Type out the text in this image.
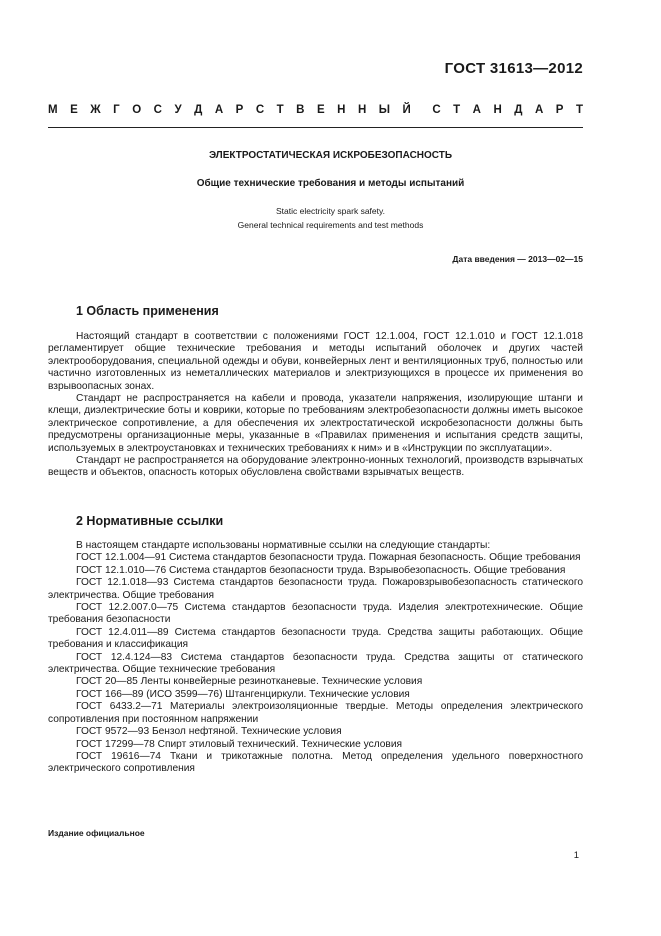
ГОСТ 31613—2012
М Е Ж Г О С У Д А Р С Т В Е Н Н Ы Й С Т А Н Д А Р Т
ЭЛЕКТРОСТАТИЧЕСКАЯ ИСКРОБЕЗОПАСНОСТЬ
Общие технические требования и методы испытаний
Static electricity spark safety.
General technical requirements and test methods
Дата введения — 2013—02—15
1 Область применения

Настоящий стандарт в соответствии с положениями ГОСТ 12.1.004, ГОСТ 12.1.010 и ГОСТ 12.1.018 регламентирует общие технические требования и методы испытаний оболочек и других частей электрооборудования, специальной одежды и обуви, конвейерных лент и вентиляционных труб, полностью или частично изготовленных из неметаллических материалов и электризующихся в процессе их применения во взрывоопасных зонах.

Стандарт не распространяется на кабели и провода, указатели напряжения, изолирующие штанги и клещи, диэлектрические боты и коврики, которые по требованиям электробезопасности должны иметь высокое электрическое сопротивление, а для обеспечения их электростатической искробезопасности должны быть предусмотрены организационные меры, указанные в «Правилах применения и испытания средств защиты, используемых в электроустановках и технических требованиях к ним» и в «Инструкции по эксплуатации».

Стандарт не распространяется на оборудование электронно-ионных технологий, производств взрывчатых веществ и объектов, опасность которых обусловлена свойствами взрывчатых веществ.

2 Нормативные ссылки

В настоящем стандарте использованы нормативные ссылки на следующие стандарты:

ГОСТ 12.1.004—91 Система стандартов безопасности труда. Пожарная безопасность. Общие требования

ГОСТ 12.1.010—76 Система стандартов безопасности труда. Взрывобезопасность. Общие требования

ГОСТ 12.1.018—93 Система стандартов безопасности труда. Пожаровзрывобезопасность статического электричества. Общие требования

ГОСТ 12.2.007.0—75 Система стандартов безопасности труда. Изделия электротехнические. Общие требования безопасности

ГОСТ 12.4.011—89 Система стандартов безопасности труда. Средства защиты работающих. Общие требования и классификация

ГОСТ 12.4.124—83 Система стандартов безопасности труда. Средства защиты от статического электричества. Общие технические требования

ГОСТ 20—85 Ленты конвейерные резинотканевые. Технические условия

ГОСТ 166—89 (ИСО 3599—76) Штангенциркули. Технические условия

ГОСТ 6433.2—71 Материалы электроизоляционные твердые. Методы определения электрического сопротивления при постоянном напряжении

ГОСТ 9572—93 Бензол нефтяной. Технические условия

ГОСТ 17299—78 Спирт этиловый технический. Технические условия

ГОСТ 19616—74 Ткани и трикотажные полотна. Метод определения удельного поверхностного электрического сопротивления

Издание официальное
1
